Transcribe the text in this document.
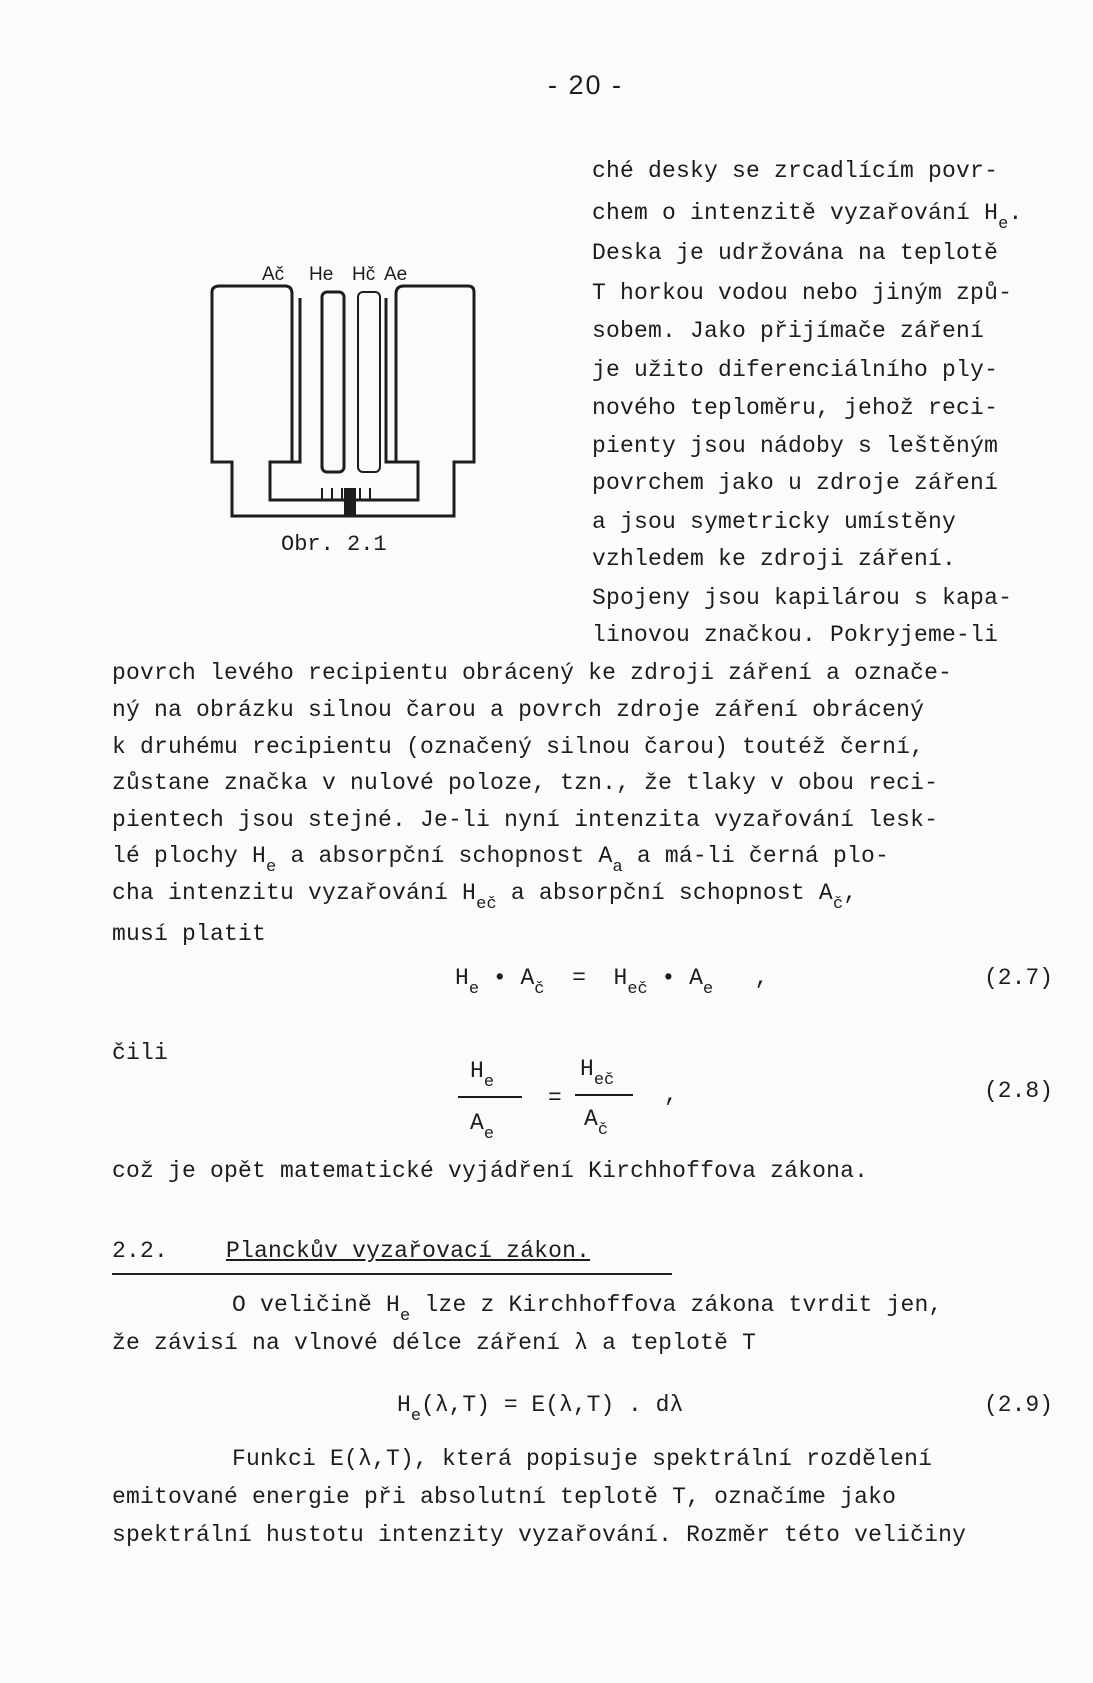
- 20 -
Ač He Hč Ae
Obr. 2.1
ché desky se zrcadlícím povr-
chem o intenzitě vyzařování $H_e$.
Deska je udržována na teplotě
T horkou vodou nebo jiným způ-
sobem. Jako přijímače záření
je užito diferenciálního ply-
nového teploměru, jehož reci-
pienty jsou nádoby s leštěným
povrchem jako u zdroje záření
a jsou symetricky umístěny
vzhledem ke zdroji záření.
Spojeny jsou kapilárou s kapa-
linovou značkou. Pokryjeme-li
povrch levého recipientu obrácený ke zdroji záření a označe-
ný na obrázku silnou čarou a povrch zdroje záření obrácený
k druhému recipientu (označený silnou čarou) toutéž černí,
zůstane značka v nulové poloze, tzn., že tlaky v obou reci-
pientech jsou stejné. Je-li nyní intenzita vyzařování lesk-
lé plochy $H_e$ a absorpční schopnost $A_a$ a má-li černá plo-
cha intenzitu vyzařování $H_{eč}$ a absorpční schopnost $A_č$,
musí platit
$H_e$ • $A_č = H_{eč}$ • $A_e$ ,	(2.7)
čili
$H_e$
$A_e$
=
$H_{eč}$
$A_č$
,	(2.8)
což je opět matematické vyjádření Kirchhoffova zákona.
2.2.	Planckův vyzařovací zákon.
O veličině $H_e$ lze z Kirchhoffova zákona tvrdit jen,
že závisí na vlnové délce záření λ a teplotě T
$H_e(\lambda,T) = E(\lambda,T)$ . dλ	(2.9)
Funkci E(λ,T), která popisuje spektrální rozdělení
emitované energie při absolutní teplotě T, označíme jako
spektrální hustotu intenzity vyzařování. Rozměr této veličiny
